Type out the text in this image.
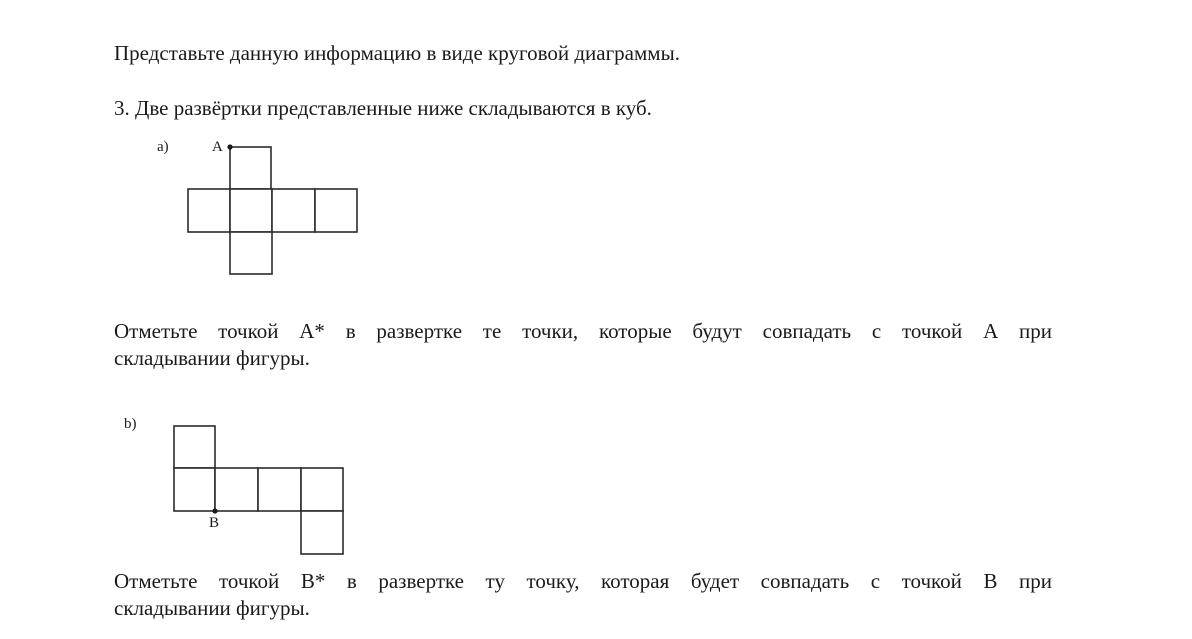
Представьте данную информацию в виде круговой диаграммы.
3. Две развёртки представленные ниже складываются в куб.
a)	A
Отметьте точкой А* в развертке те точки, которые будут совпадать с точкой А при
складывании фигуры.
b)
B
Отметьте точкой В* в развертке ту точку, которая будет совпадать с точкой В при
складывании фигуры.
